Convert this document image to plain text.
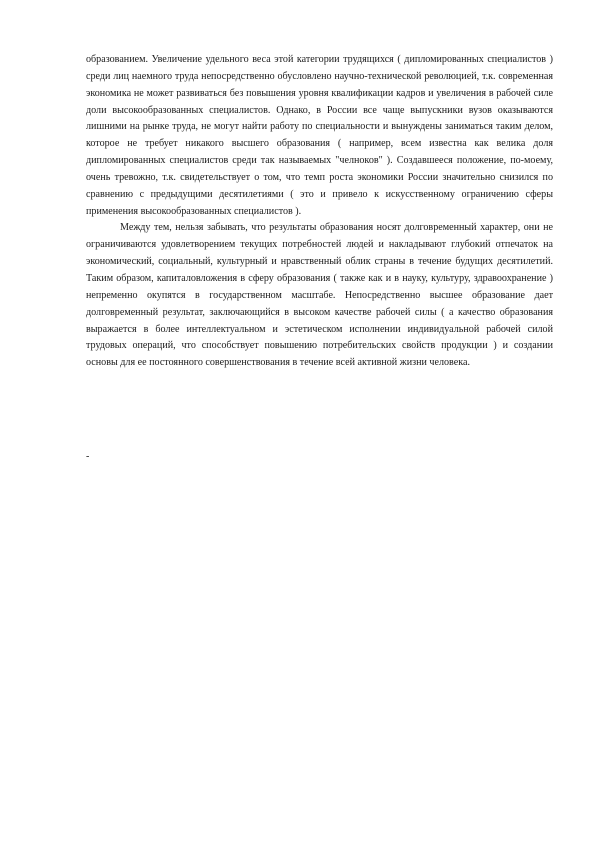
образованием. Увеличение удельного веса этой категории трудящихся ( дипломированных специалистов ) среди лиц наемного труда непосредственно обусловлено научно-технической революцией, т.к. современная экономика не может развиваться без повышения уровня квалификации кадров и увеличения в рабочей силе доли высокообразованных специалистов. Однако, в России все чаще выпускники вузов оказываются лишними на рынке труда, не могут найти работу по специальности и вынуждены заниматься таким делом, которое не требует никакого высшего образования ( например, всем известна как велика доля дипломированных специалистов среди так называемых "челноков" ). Создавшееся положение, по-моему, очень тревожно, т.к. свидетельствует о том, что темп роста экономики России значительно снизился по сравнению с предыдущими десятилетиями ( это и привело к искусственному ограничению сферы применения высокообразованных специалистов ).

Между тем, нельзя забывать, что результаты образования носят долговременный характер, они не ограничиваются удовлетворением текущих потребностей людей и накладывают глубокий отпечаток на экономический, социальный, культурный и нравственный облик страны в течение будущих десятилетий. Таким образом, капиталовложения в сферу образования ( также как и в науку, культуру, здравоохранение ) непременно окупятся в государственном масштабе. Непосредственно высшее образование дает долговременный результат, заключающийся в высоком качестве рабочей силы ( а качество образования выражается в более интеллектуальном и эстетическом исполнении индивидуальной рабочей силой трудовых операций, что способствует повышению потребительских свойств продукции ) и создании основы для ее постоянного совершенствования в течение всей активной жизни человека.

-
